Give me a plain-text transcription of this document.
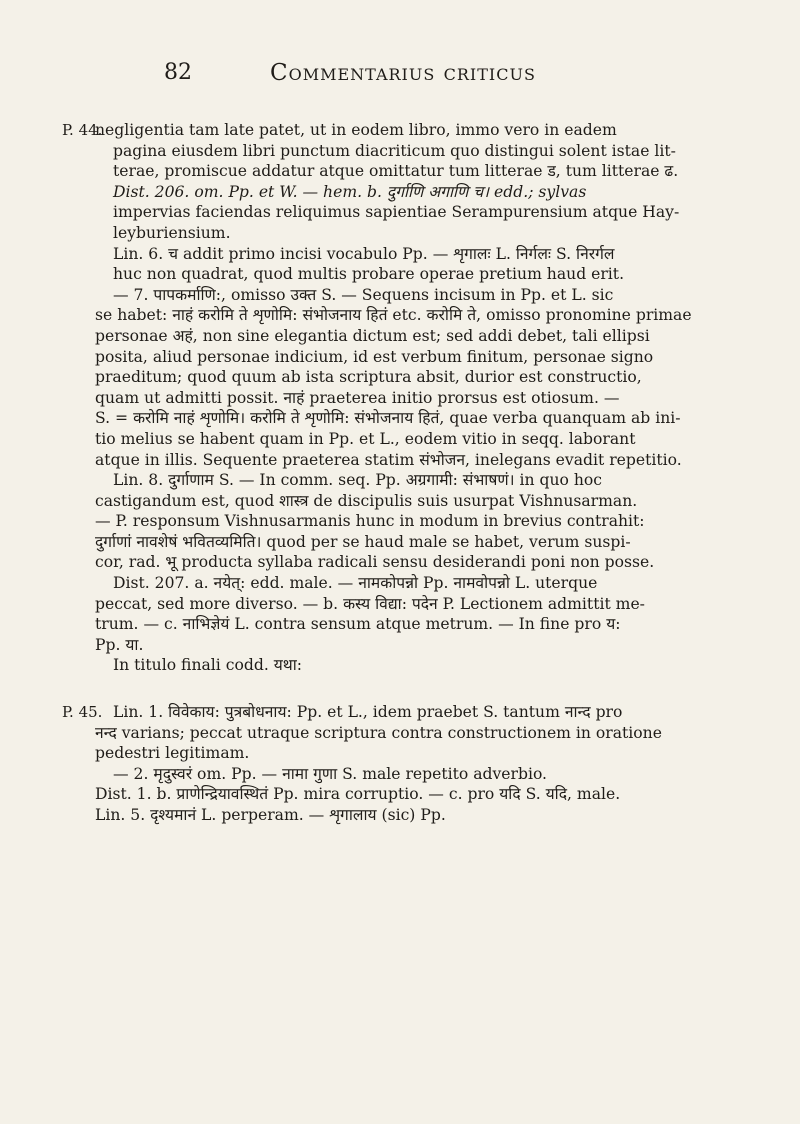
82	Commentarius criticus
P. 44.
negligentia tam late patet, ut in eodem libro, immo vero in eadem
pagina eiusdem libri punctum diacriticum quo distingui solent istae lit-
terae, promiscue addatur atque omittatur tum litterae ड, tum litterae ढ.
Dist. 206. om. Pp. et W. — hem. b. दुर्गाणि अगाणि च। edd.; sylvas
impervias faciendas reliquimus sapientiae Serampurensium atque Hay-
leyburiensium.
Lin. 6. च addit primo incisi vocabulo Pp. — शृगालः L. निर्गलः S. निरर्गल
huc non quadrat, quod multis probare operae pretium haud erit.
— 7. पापकर्माणि:, omisso उक्त S. — Sequens incisum in Pp. et L. sic
se habet: नाहं करोमि ते शृणोमि: संभोजनाय हितं etc. करोमि ते, omisso pronomine primae
personae अहं, non sine elegantia dictum est; sed addi debet, tali ellipsi
posita, aliud personae indicium, id est verbum finitum, personae signo
praeditum; quod quum ab ista scriptura absit, durior est constructio,
quam ut admitti possit. नाहं praeterea initio prorsus est otiosum. —
S. = करोमि नाहं शृणोमि। करोमि ते शृणोमि: संभोजनाय हितं, quae verba quanquam ab ini-
tio melius se habent quam in Pp. et L., eodem vitio in seqq. laborant
atque in illis. Sequente praeterea statim संभोजन, inelegans evadit repetitio.
Lin. 8. दुर्गाणाम S. — In comm. seq. Pp. अग्रगामी: संभाषणं। in quo hoc
castigandum est, quod शास्त्र de discipulis suis usurpat Vishnusarman.
— P. responsum Vishnusarmanis hunc in modum in brevius contrahit:
दुर्गाणां नावशेषं भवितव्यमिति। quod per se haud male se habet, verum suspi-
cor, rad. भू producta syllaba radicali sensu desiderandi poni non posse.
Dist. 207. a. नयेत्: edd. male. — नामकोपन्नो Pp. नामवोपन्नो L. uterque
peccat, sed more diverso. — b. कस्य विद्या: पदेन P. Lectionem admittit me-
trum. — c. नाभिज्ञेयं L. contra sensum atque metrum. — In fine pro य:
Pp. या.
In titulo finali codd. यथा:
P. 45. Lin. 1. विवेकाय: पुत्रबोधनाय: Pp. et L., idem praebet S. tantum नान्द pro
नन्द varians; peccat utraque scriptura contra constructionem in oratione
pedestri legitimam.
— 2. मृदुस्वरं om. Pp. — नामा गुणा S. male repetito adverbio.
Dist. 1. b. प्राणेन्द्रियावस्थितं Pp. mira corruptio. — c. pro यदि S. यदि, male.
Lin. 5. दृश्यमानं L. perperam. — शृगालाय (sic) Pp.
